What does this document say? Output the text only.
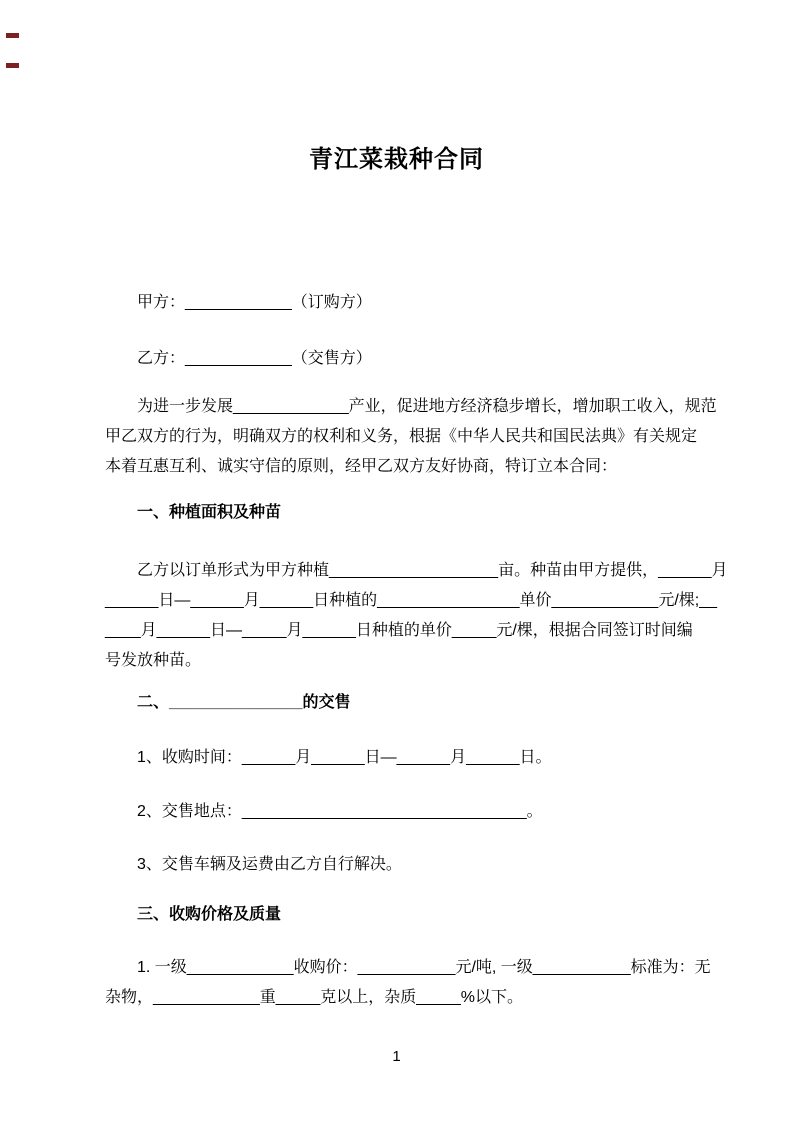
青江菜栽种合同
甲方：____________（订购方）
乙方：____________（交售方）
为进一步发展_____________产业，促进地方经济稳步增长，增加职工收入，规范
甲乙双方的行为，明确双方的权利和义务，根据《中华人民共和国民法典》有关规定
本着互惠互利、诚实守信的原则，经甲乙双方友好协商，特订立本合同：
一、种植面积及种苗
乙方以订单形式为甲方种植___________________亩。种苗由甲方提供，______月
______日—______月______日种植的________________单价____________元/棵;__
____月______日—_____月______日种植的单价_____元/棵，根据合同签订时间编
号发放种苗。
二、_______________的交售
1、收购时间：______月______日—______月______日。
2、交售地点：________________________________。
3、交售车辆及运费由乙方自行解决。
三、收购价格及质量
1. 一级____________收购价：___________元/吨, 一级___________标准为：无
杂物，____________重_____克以上，杂质_____%以下。
1
